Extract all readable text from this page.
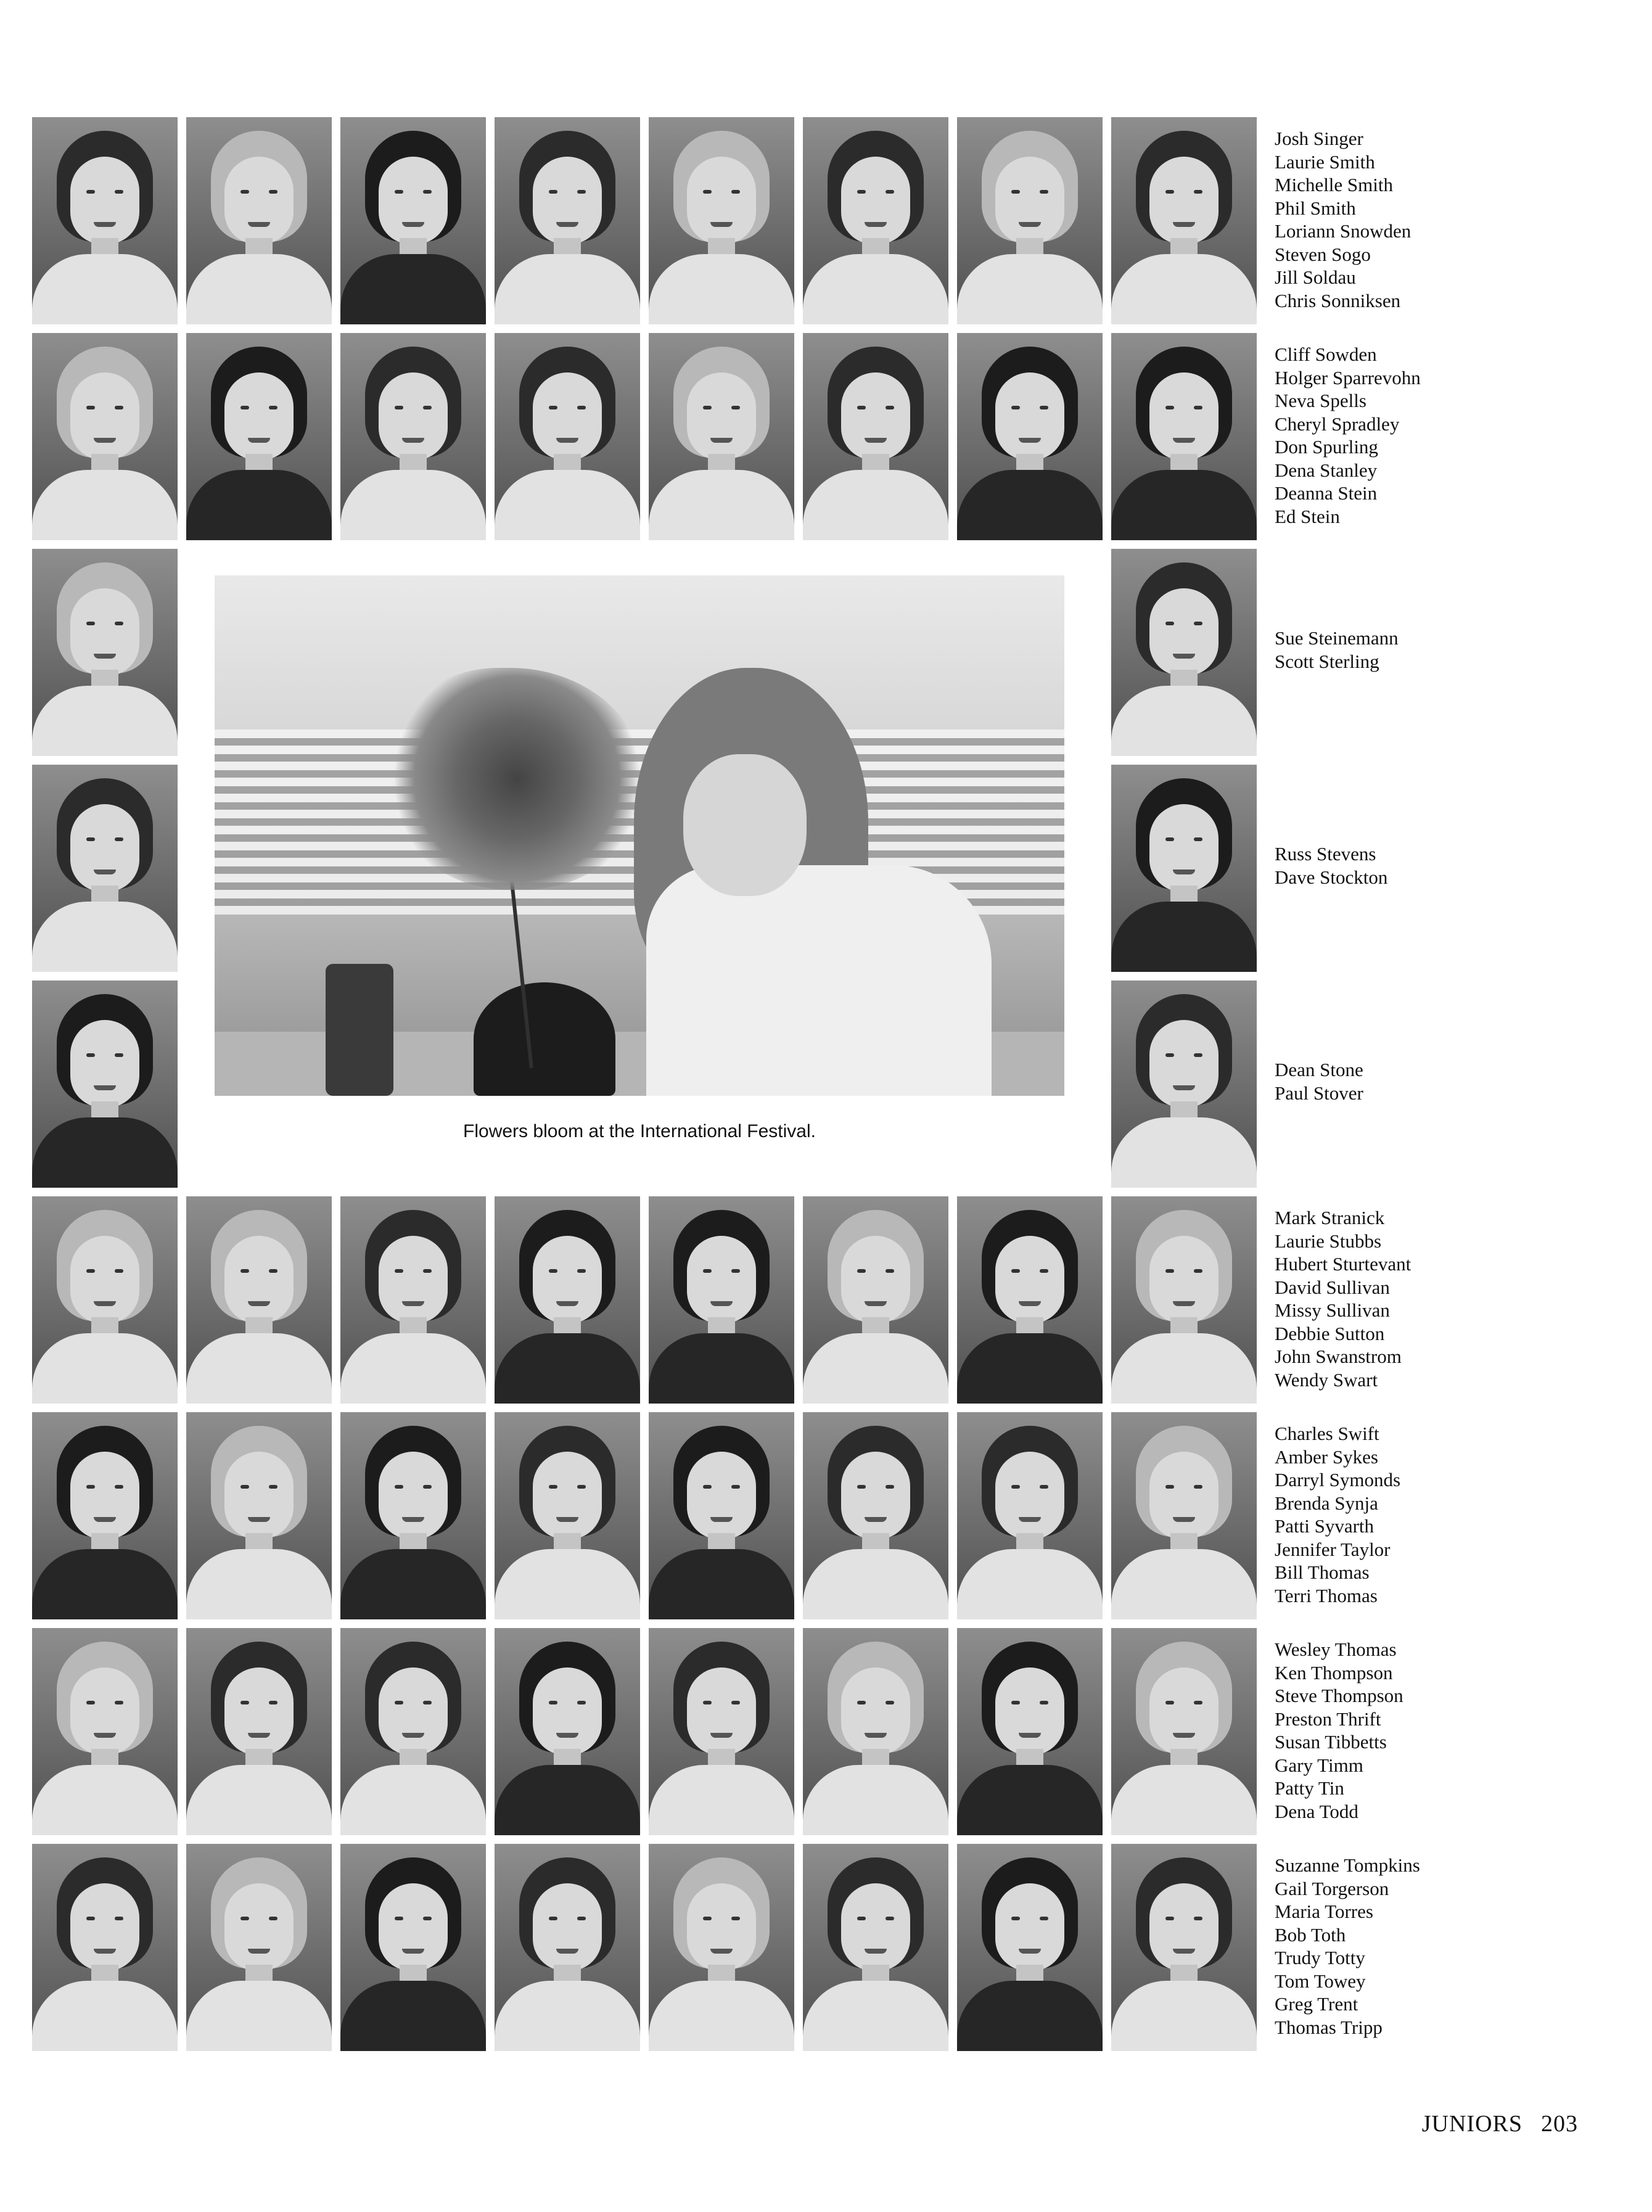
Flowers bloom at the International Festival.

Josh Singer
Laurie Smith
Michelle Smith
Phil Smith
Loriann Snowden
Steven Sogo
Jill Soldau
Chris Sonniksen
Cliff Sowden
Holger Sparrevohn
Neva Spells
Cheryl Spradley
Don Spurling
Dena Stanley
Deanna Stein
Ed Stein
Sue Steinemann
Scott Sterling
Russ Stevens
Dave Stockton
Dean Stone
Paul Stover
Mark Stranick
Laurie Stubbs
Hubert Sturtevant
David Sullivan
Missy Sullivan
Debbie Sutton
John Swanstrom
Wendy Swart
Charles Swift
Amber Sykes
Darryl Symonds
Brenda Synja
Patti Syvarth
Jennifer Taylor
Bill Thomas
Terri Thomas
Wesley Thomas
Ken Thompson
Steve Thompson
Preston Thrift
Susan Tibbetts
Gary Timm
Patty Tin
Dena Todd
Suzanne Tompkins
Gail Torgerson
Maria Torres
Bob Toth
Trudy Totty
Tom Towey
Greg Trent
Thomas Tripp

JUNIORS 203
